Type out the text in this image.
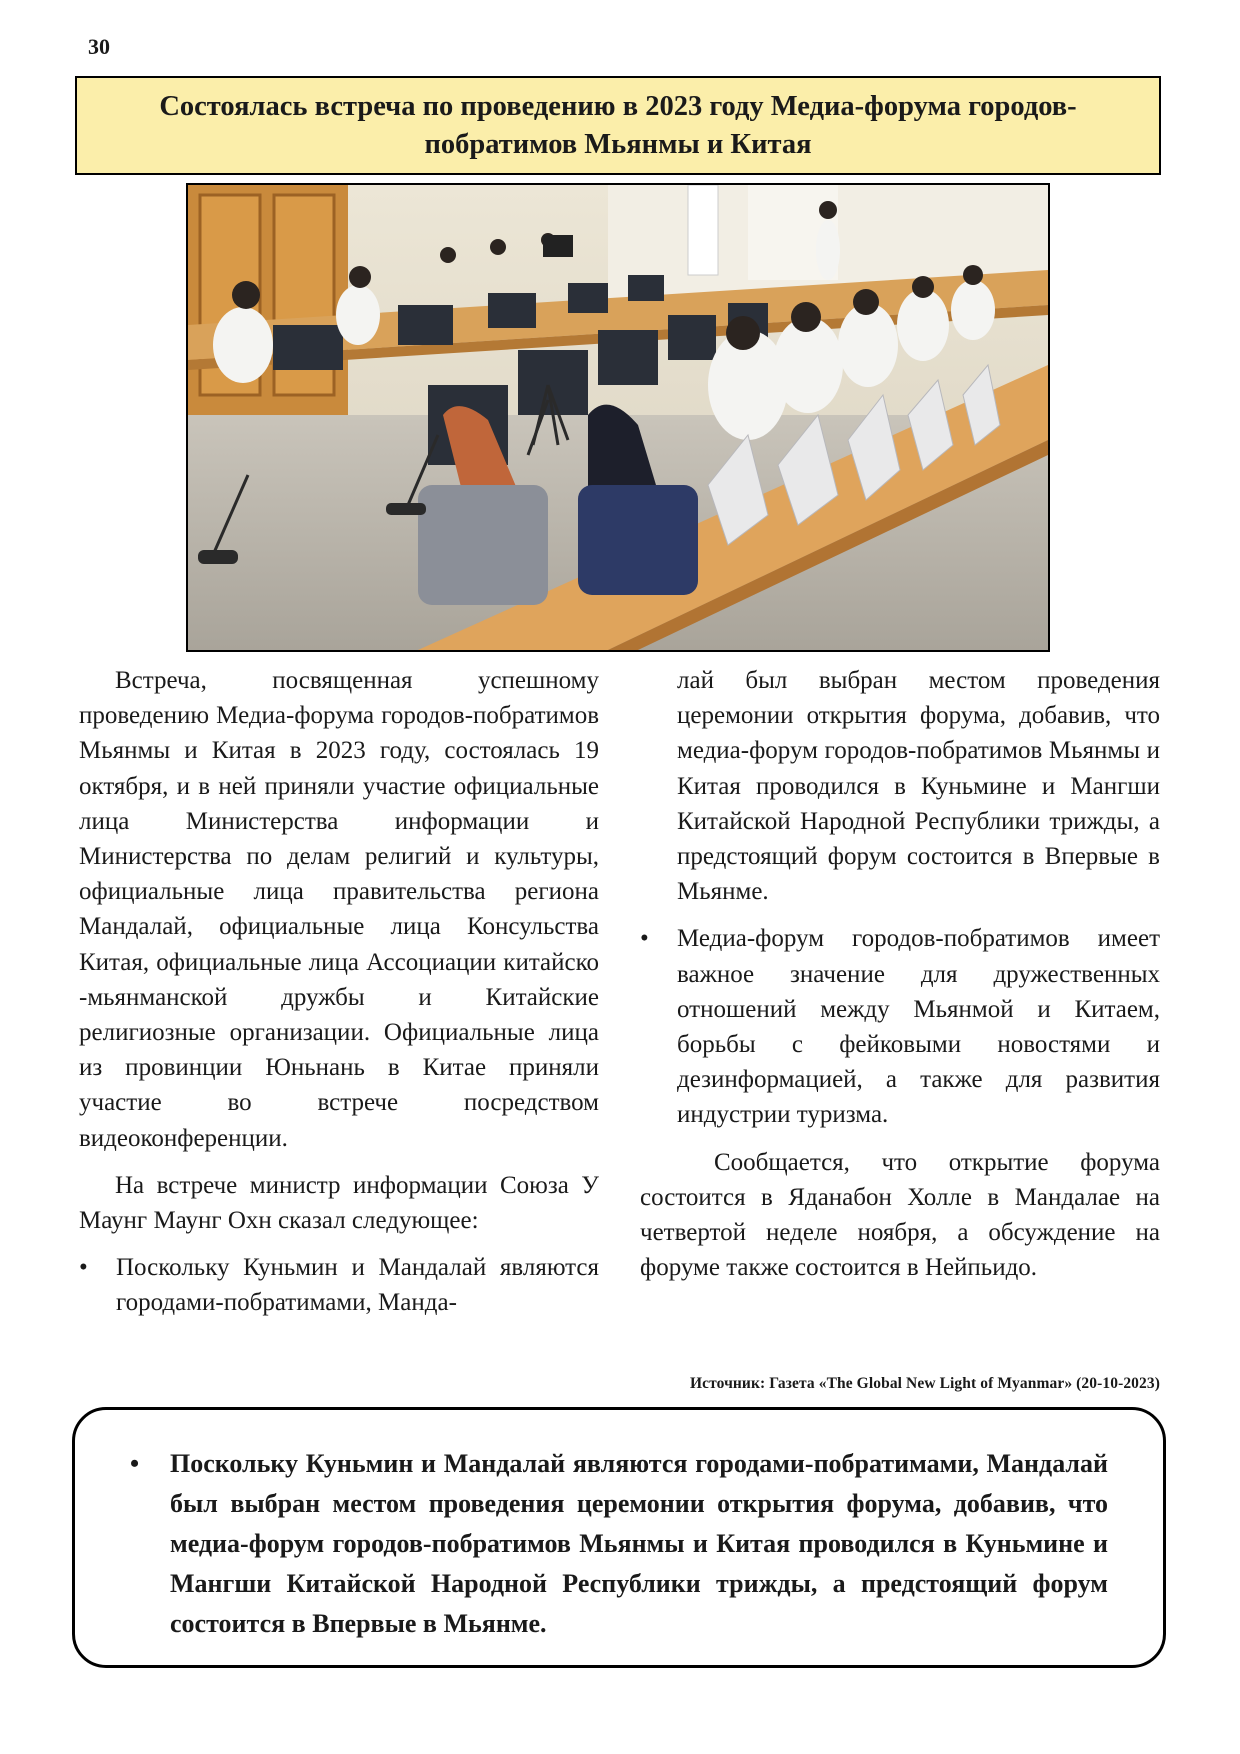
30
Состоялась встреча по проведению в 2023 году Медиа-форума городов-побратимов Мьянмы и Китая

Встреча, посвященная успешному проведению Медиа-форума городов-побратимов Мьянмы и Китая в 2023 году, состоялась 19 октября, и в ней приняли участие официальные лица Министерства информации и Министерства по делам религий и культуры, официальные лица правительства региона Мандалай, официальные лица Консульства Китая, официальные лица Ассоциации китайско -мьянманской дружбы и Китайские религиозные организации. Официальные лица из провинции Юньнань в Китае приняли участие во встрече посредством видеоконференции.

На встрече министр информации Союза У Маунг Маунг Охн сказал следующее:

• Поскольку Куньмин и Мандалай являются городами-побратимами, Манда-

лай был выбран местом проведения церемонии открытия форума, добавив, что медиа-форум городов-побратимов Мьянмы и Китая проводился в Куньмине и Мангши Китайской Народной Республики трижды, а предстоящий форум состоится в Впервые в Мьянме.

• Медиа-форум городов-побратимов имеет важное значение для дружественных отношений между Мьянмой и Китаем, борьбы с фейковыми новостями и дезинформацией, а также для развития индустрии туризма.

Сообщается, что открытие форума состоится в Яданабон Холле в Мандалае на четвертой неделе ноября, а обсуждение на форуме также состоится в Нейпьидо.

Источник: Газета «The Global New Light of Myanmar» (20-10-2023)
• Поскольку Куньмин и Мандалай являются городами-побратимами, Мандалай был выбран местом проведения церемонии открытия форума, добавив, что медиа-форум городов-побратимов Мьянмы и Китая проводился в Куньмине и Мангши Китайской Народной Республики трижды, а предстоящий форум состоится в Впервые в Мьянме.
